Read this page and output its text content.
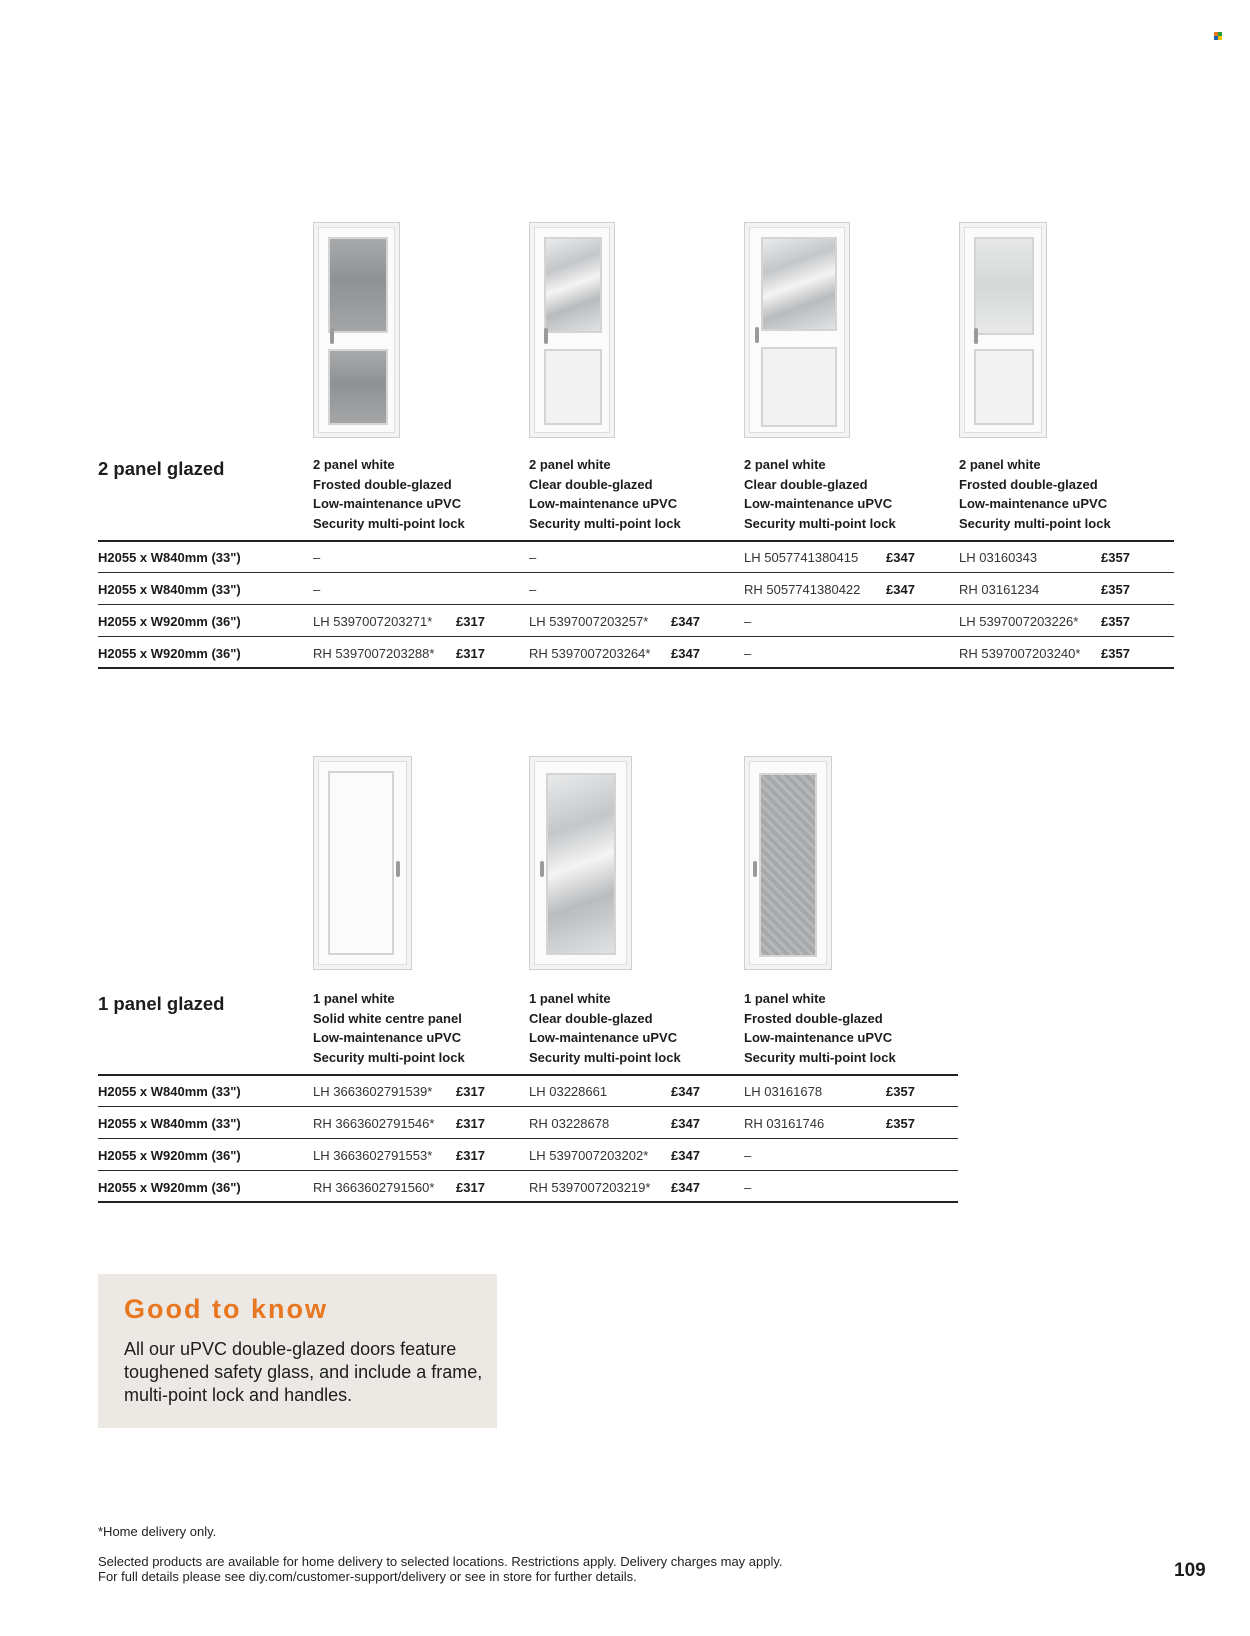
2 panel glazed	2 panel white
Frosted double-glazed
Low-maintenance uPVC
Security multi-point lock
2 panel white
Clear double-glazed
Low-maintenance uPVC
Security multi-point lock
2 panel white
Clear double-glazed
Low-maintenance uPVC
Security multi-point lock
2 panel white
Frosted double-glazed
Low-maintenance uPVC
Security multi-point lock
H2055 x W840mm (33")	–	–	LH 5057741380415 £347	LH 03160343	£357
H2055 x W840mm (33")	–	–	RH 5057741380422 £347	RH 03161234	£357
H2055 x W920mm (36")	LH 5397007203271* £317	LH 5397007203257* £347	–	LH 5397007203226* £357
H2055 x W920mm (36")	RH 5397007203288* £317	RH 5397007203264* £347	–	RH 5397007203240* £357
1 panel glazed	1 panel white
Solid white centre panel
Low-maintenance uPVC
Security multi-point lock
1 panel white
Clear double-glazed
Low-maintenance uPVC
Security multi-point lock
1 panel white
Frosted double-glazed
Low-maintenance uPVC
Security multi-point lock
H2055 x W840mm (33")	LH 3663602791539* £317	LH 03228661	£347	LH 03161678	£357
H2055 x W840mm (33")	RH 3663602791546* £317	RH 03228678	£347	RH 03161746	£357
H2055 x W920mm (36")	LH 3663602791553* £317	LH 5397007203202* £347	–
H2055 x W920mm (36")	RH 3663602791560* £317	RH 5397007203219* £347	–
Good to know
All our uPVC double-glazed doors feature toughened safety glass, and include a frame, multi-point lock and handles.
*Home delivery only.
Selected products are available for home delivery to selected locations. Restrictions apply. Delivery charges may apply.
For full details please see diy.com/customer-support/delivery or see in store for further details.	109
